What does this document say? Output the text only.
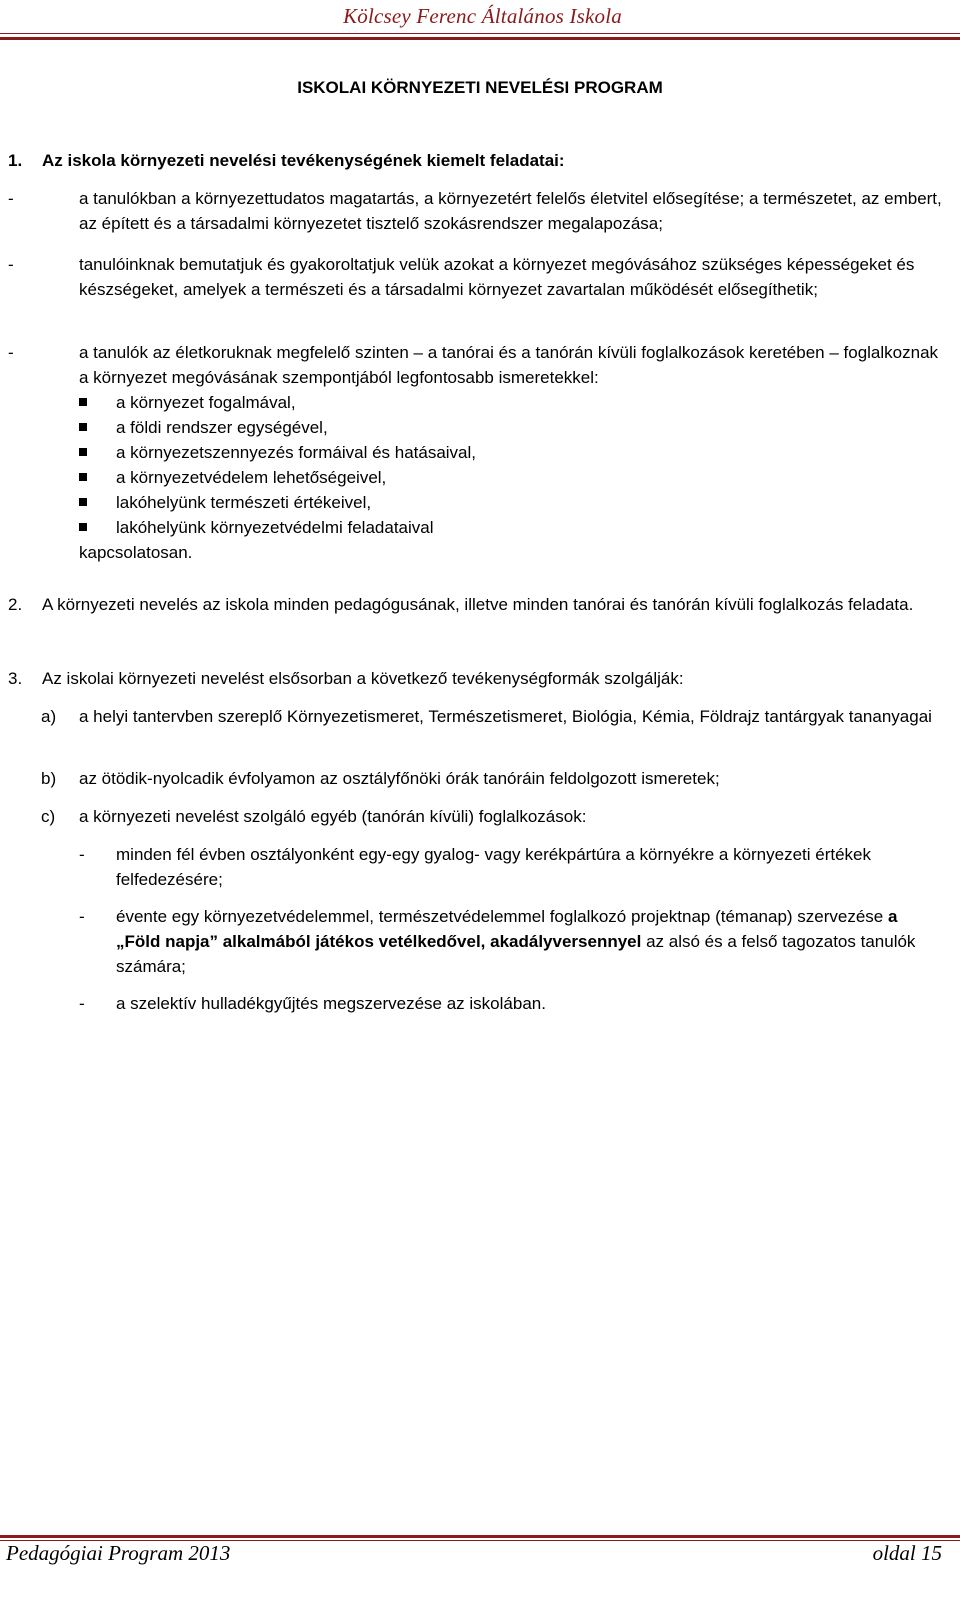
Kölcsey Ferenc Általános Iskola
ISKOLAI KÖRNYEZETI NEVELÉSI PROGRAM
1. Az iskola környezeti nevelési tevékenységének kiemelt feladatai:
-	a tanulókban a környezettudatos magatartás, a környezetért felelős életvitel elősegítése; a természetet, az embert, az épített és a társadalmi környezetet tisztelő szokásrendszer megalapozása;
-	tanulóinknak bemutatjuk és gyakoroltatjuk velük azokat a környezet megóvásához szükséges képességeket és készségeket, amelyek a természeti és a társadalmi környezet zavartalan működését elősegíthetik;
-	a tanulók az életkoruknak megfelelő szinten – a tanórai és a tanórán kívüli foglalkozások keretében – foglalkoznak a környezet megóvásának szempontjából legfontosabb ismeretekkel:
a környezet fogalmával,
a földi rendszer egységével,
a környezetszennyezés formáival és hatásaival,
a környezetvédelem lehetőségeivel,
lakóhelyünk természeti értékeivel,
lakóhelyünk környezetvédelmi feladataival
kapcsolatosan.
2. A környezeti nevelés az iskola minden pedagógusának, illetve minden tanórai és tanórán kívüli foglalkozás feladata.
3. Az iskolai környezeti nevelést elsősorban a következő tevékenységformák szolgálják:
a) a helyi tantervben szereplő Környezetismeret, Természetismeret, Biológia, Kémia, Földrajz tantárgyak tananyagai
b) az ötödik-nyolcadik évfolyamon az osztályfőnöki órák tanóráin feldolgozott ismeretek;
c) a környezeti nevelést szolgáló egyéb (tanórán kívüli) foglalkozások:
- minden fél évben osztályonként egy-egy gyalog- vagy kerékpártúra a környékre a környezeti értékek felfedezésére;
- évente egy környezetvédelemmel, természetvédelemmel foglalkozó projektnap (témanap) szervezése a „Föld napja” alkalmából játékos vetélkedővel, akadályversennyel az alsó és a felső tagozatos tanulók számára;
- a szelektív hulladékgyűjtés megszervezése az iskolában.
Pedagógiai Program 2013	oldal 15
